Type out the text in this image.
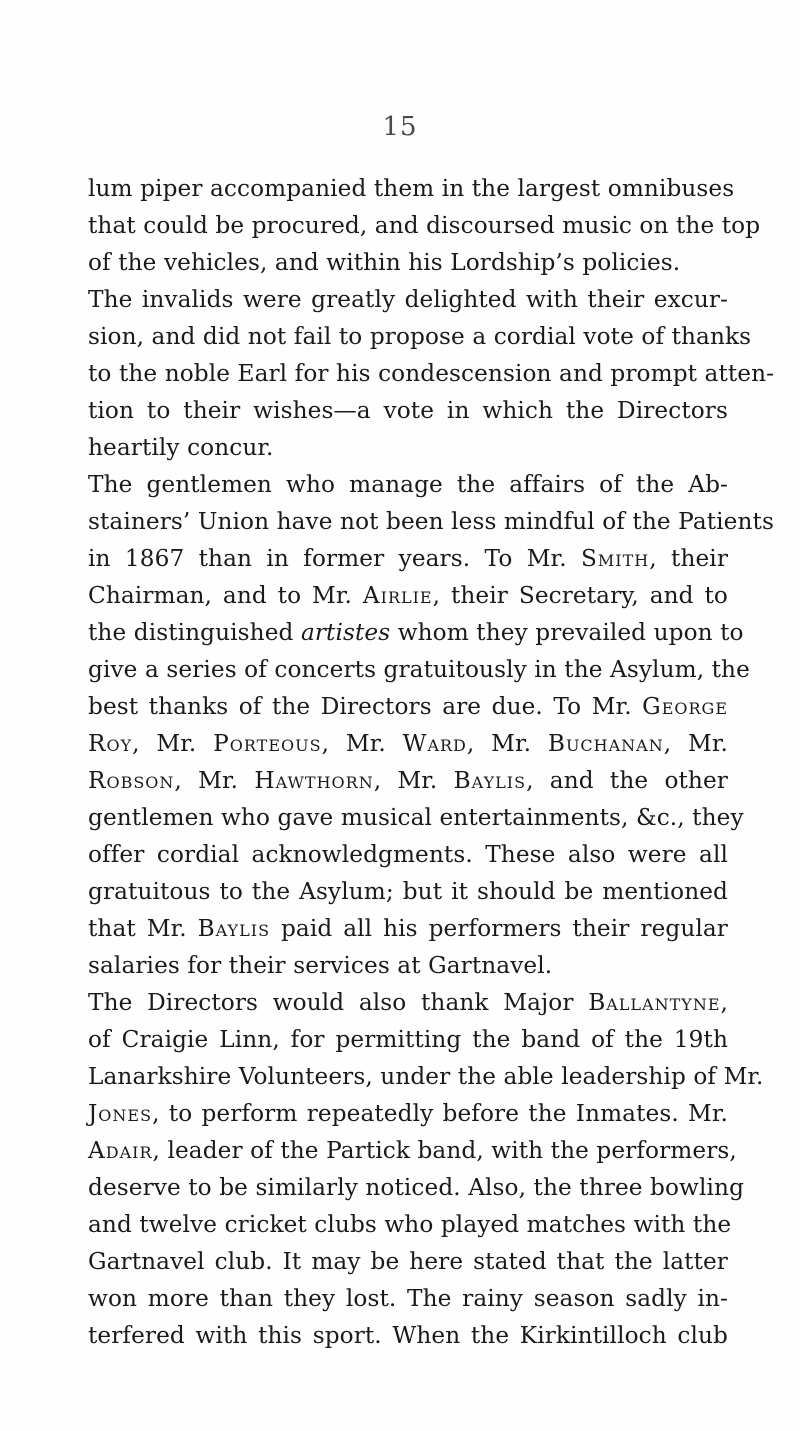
15
lum piper accompanied them in the largest omnibuses
that could be procured, and discoursed music on the top
of the vehicles, and within his Lordship’s policies.
The invalids were greatly delighted with their excur-
sion, and did not fail to propose a cordial vote of thanks
to the noble Earl for his condescension and prompt atten-
tion to their wishes—a vote in which the Directors
heartily concur.
The gentlemen who manage the affairs of the Ab-
stainers’ Union have not been less mindful of the Patients
in 1867 than in former years. To Mr. Smith, their
Chairman, and to Mr. Airlie, their Secretary, and to
the distinguished artistes whom they prevailed upon to
give a series of concerts gratuitously in the Asylum, the
best thanks of the Directors are due. To Mr. George
Roy, Mr. Porteous, Mr. Ward, Mr. Buchanan, Mr.
Robson, Mr. Hawthorn, Mr. Baylis, and the other
gentlemen who gave musical entertainments, &c., they
offer cordial acknowledgments. These also were all
gratuitous to the Asylum; but it should be mentioned
that Mr. Baylis paid all his performers their regular
salaries for their services at Gartnavel.
The Directors would also thank Major Ballantyne,
of Craigie Linn, for permitting the band of the 19th
Lanarkshire Volunteers, under the able leadership of Mr.
Jones, to perform repeatedly before the Inmates. Mr.
Adair, leader of the Partick band, with the performers,
deserve to be similarly noticed. Also, the three bowling
and twelve cricket clubs who played matches with the
Gartnavel club. It may be here stated that the latter
won more than they lost. The rainy season sadly in-
terfered with this sport. When the Kirkintilloch club
